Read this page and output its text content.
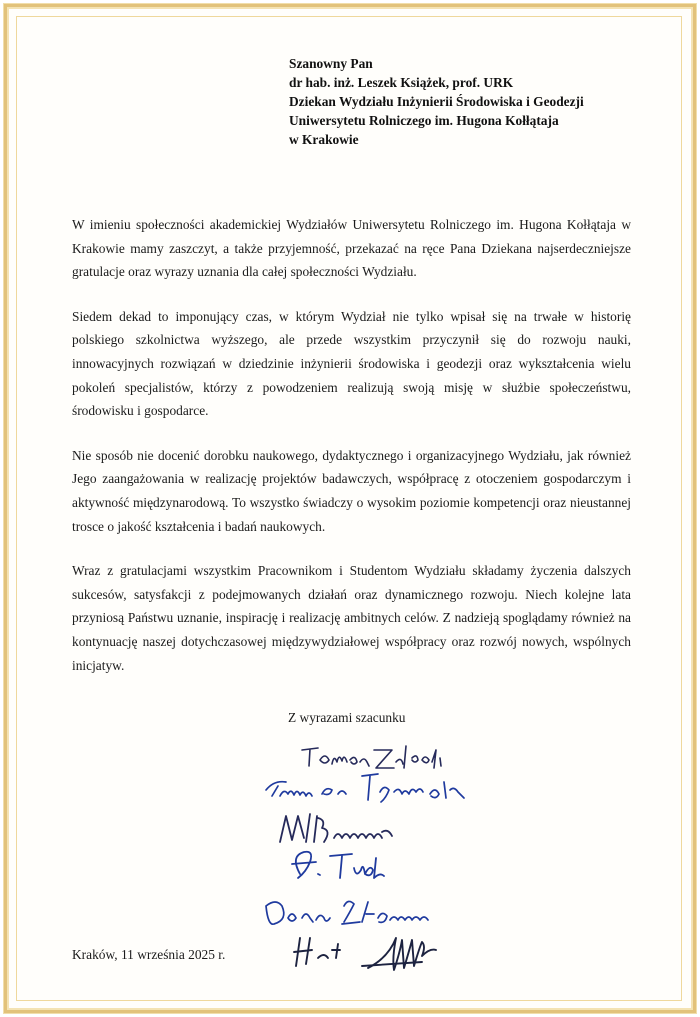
Szanowny Pan
dr hab. inż. Leszek Książek, prof. URK
Dziekan Wydziału Inżynierii Środowiska i Geodezji
Uniwersytetu Rolniczego im. Hugona Kołłątaja
w Krakowie

W imieniu społeczności akademickiej Wydziałów Uniwersytetu Rolniczego im. Hugona Kołłątaja w Krakowie mamy zaszczyt, a także przyjemność, przekazać na ręce Pana Dziekana najserdeczniejsze gratulacje oraz wyrazy uznania dla całej społeczności Wydziału.

Siedem dekad to imponujący czas, w którym Wydział nie tylko wpisał się na trwałe w historię polskiego szkolnictwa wyższego, ale przede wszystkim przyczynił się do rozwoju nauki, innowacyjnych rozwiązań w dziedzinie inżynierii środowiska i geodezji oraz wykształcenia wielu pokoleń specjalistów, którzy z powodzeniem realizują swoją misję w służbie społeczeństwu, środowisku i gospodarce.

Nie sposób nie docenić dorobku naukowego, dydaktycznego i organizacyjnego Wydziału, jak również Jego zaangażowania w realizację projektów badawczych, współpracę z otoczeniem gospodarczym i aktywność międzynarodową. To wszystko świadczy o wysokim poziomie kompetencji oraz nieustannej trosce o jakość kształcenia i badań naukowych.

Wraz z gratulacjami wszystkim Pracownikom i Studentom Wydziału składamy życzenia dalszych sukcesów, satysfakcji z podejmowanych działań oraz dynamicznego rozwoju. Niech kolejne lata przyniosą Państwu uznanie, inspirację i realizację ambitnych celów. Z nadzieją spoglądamy również na kontynuację naszej dotychczasowej międzywydziałowej współpracy oraz rozwój nowych, wspólnych inicjatyw.

Z wyrazami szacunku
Kraków, 11 września 2025 r.
